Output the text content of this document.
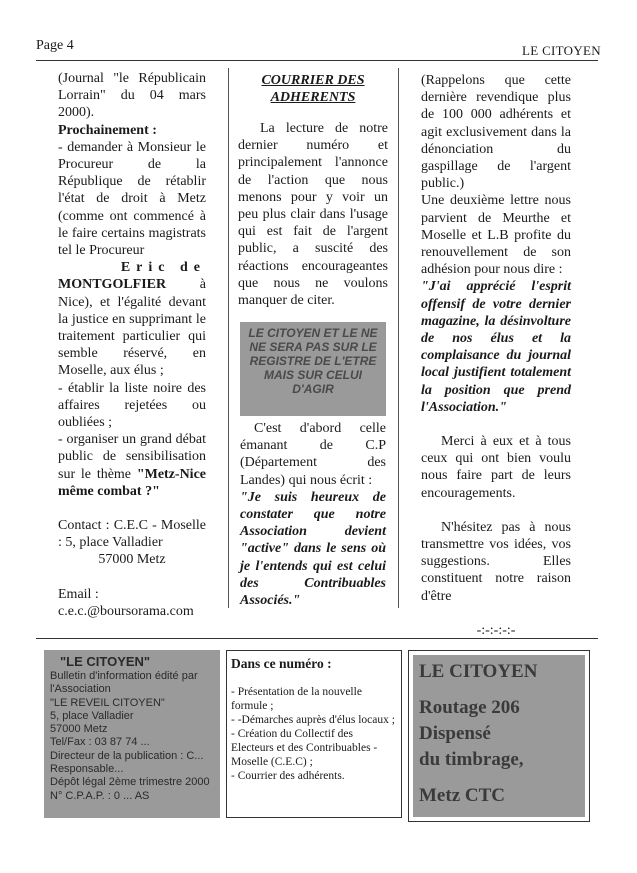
Page 4	LE CITOYEN

(Journal "le Républicain Lorrain" du 04 mars 2000).

Prochainement :

- demander à Monsieur le Procureur de la République de rétablir l'état de droit à Metz (comme ont commencé à le faire certains magistrats tel le Procureur

Eric de
MONTGOLFIER à

Nice), et l'égalité devant la justice en supprimant le traitement particulier qui semble réservé, en Moselle, aux élus ;

- établir la liste noire des affaires rejetées ou oubliées ;

- organiser un grand débat public de sensibilisation sur le thème "Metz-Nice même combat ?"

Contact : C.E.C - Moselle : 5, place Valladier

57000 Metz

Email :

c.e.c.@boursorama.com

COURRIER DES

ADHERENTS

La lecture de notre dernier numéro et principalement l'annonce de l'action que nous menons pour y voir un peu plus clair dans l'usage qui est fait de l'argent public, a suscité des réactions encourageantes que nous ne voulons manquer de citer.

LE CITOYEN ET LE NE NE SERA PAS SUR LE REGISTRE DE L'ETRE MAIS SUR CELUI D'AGIR

C'est d'abord celle émanant de C.P (Département des Landes) qui nous écrit :

"Je suis heureux de constater que notre Association devient "active" dans le sens où je l'entends qui est celui des Contribuables Associés."

(Rappelons que cette dernière revendique plus de 100 000 adhérents et agit exclusivement dans la dénonciation du gaspillage de l'argent public.)

Une deuxième lettre nous parvient de Meurthe et Moselle et L.B profite du renouvellement de son adhésion pour nous dire :

"J'ai apprécié l'esprit offensif de votre dernier magazine, la désinvolture de nos élus et la complaisance du journal local justifient totalement la position que prend l'Association."

Merci à eux et à tous ceux qui ont bien voulu nous faire part de leurs encouragements.

N'hésitez pas à nous transmettre vos idées, vos suggestions. Elles constituent notre raison d'être

-:-:-:-:-

"LE CITOYEN"
Bulletin d'information édité par
l'Association
"LE REVEIL CITOYEN"
5, place Valladier
57000 Metz
Tel/Fax : 03 87 74 ...
Directeur de la publication : C...
Responsable...
Dépôt légal 2ème trimestre 2000
N° C.P.A.P. : 0 ... AS
Dans ce numéro :
- Présentation de la nouvelle formule ;
- -Démarches auprès d'élus locaux ;
- Création du Collectif des Electeurs et des Contribuables - Moselle (C.E.C) ;
- Courrier des adhérents.
LE CITOYEN
Routage 206
Dispensé
du timbrage,
Metz CTC
